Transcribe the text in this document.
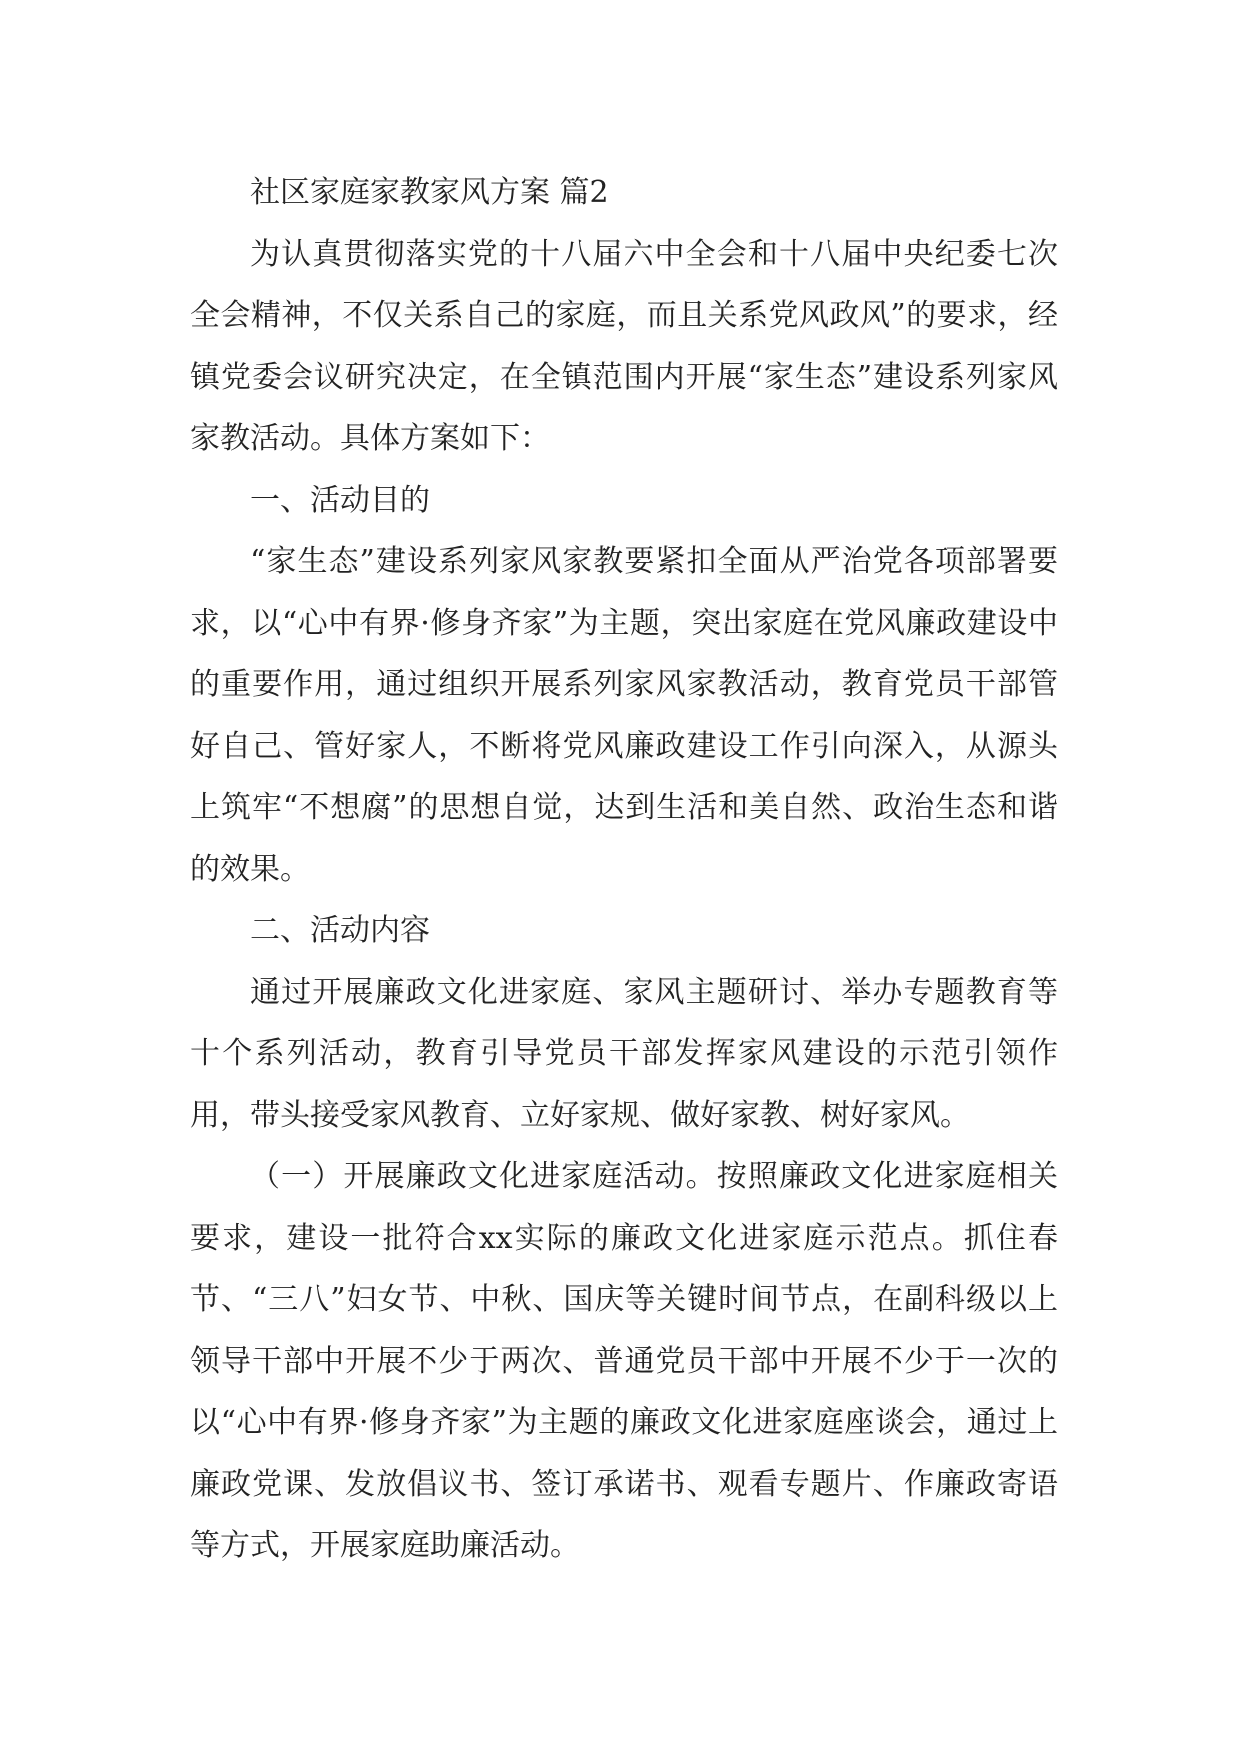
社区家庭家教家风方案 篇2

为认真贯彻落实党的十八届六中全会和十八届中央纪委七次全会精神，不仅关系自己的家庭，而且关系党风政风”的要求，经镇党委会议研究决定，在全镇范围内开展“家生态”建设系列家风家教活动。具体方案如下：

一、活动目的

“家生态”建设系列家风家教要紧扣全面从严治党各项部署要求，以“心中有界·修身齐家”为主题，突出家庭在党风廉政建设中的重要作用，通过组织开展系列家风家教活动，教育党员干部管好自己、管好家人，不断将党风廉政建设工作引向深入，从源头上筑牢“不想腐”的思想自觉，达到生活和美自然、政治生态和谐的效果。

二、活动内容

通过开展廉政文化进家庭、家风主题研讨、举办专题教育等十个系列活动，教育引导党员干部发挥家风建设的示范引领作用，带头接受家风教育、立好家规、做好家教、树好家风。

（一）开展廉政文化进家庭活动。按照廉政文化进家庭相关要求，建设一批符合xx实际的廉政文化进家庭示范点。抓住春节、“三八”妇女节、中秋、国庆等关键时间节点，在副科级以上领导干部中开展不少于两次、普通党员干部中开展不少于一次的以“心中有界·修身齐家”为主题的廉政文化进家庭座谈会，通过上廉政党课、发放倡议书、签订承诺书、观看专题片、作廉政寄语等方式，开展家庭助廉活动。
